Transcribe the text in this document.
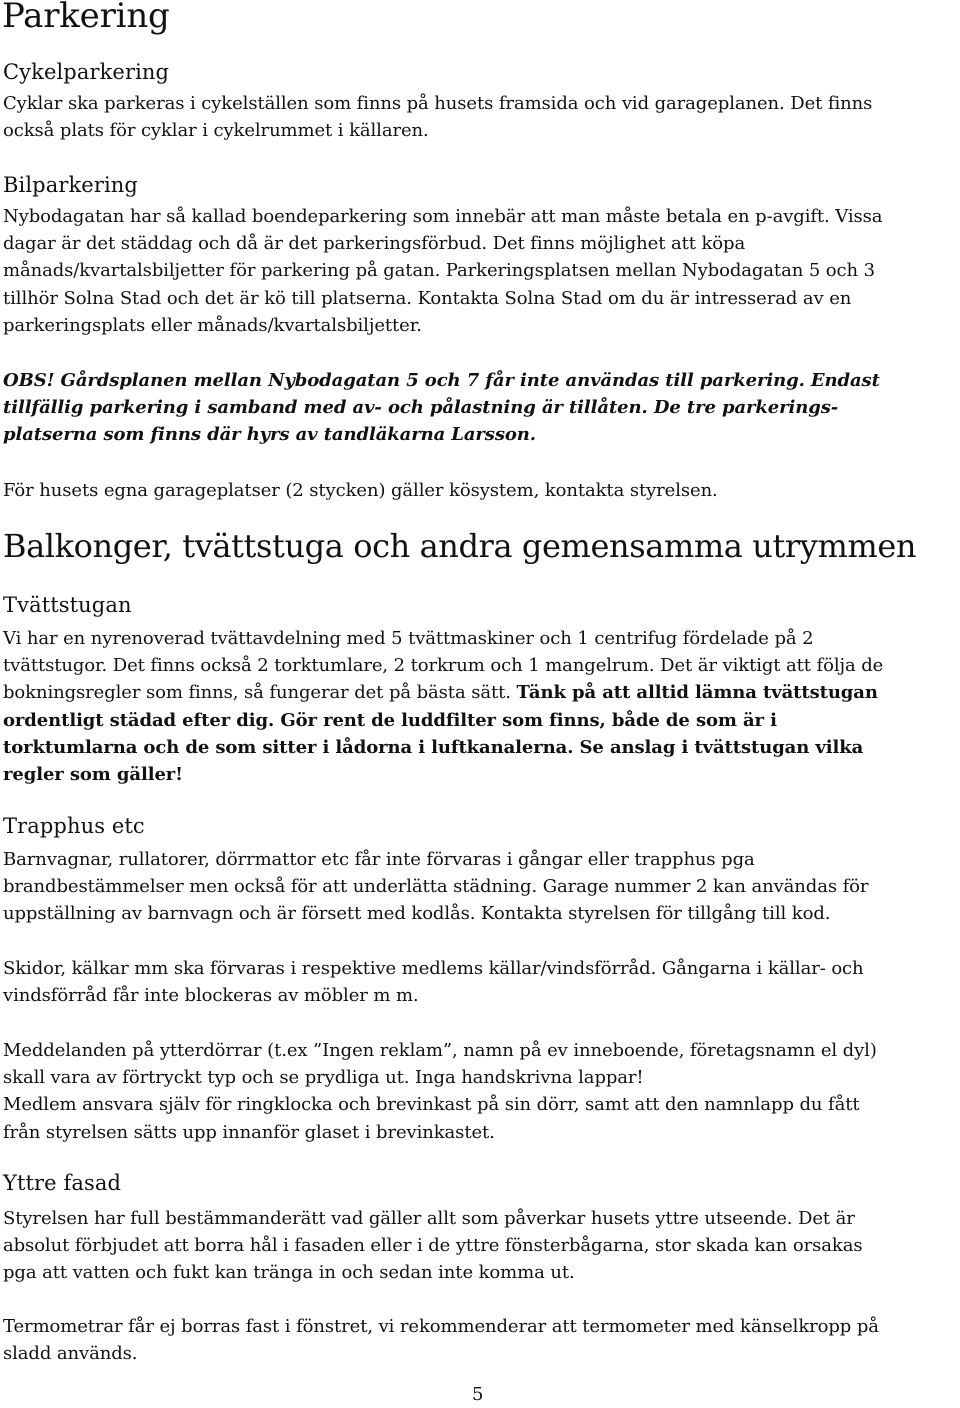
Parkering
Cykelparkering
Cyklar ska parkeras i cykelställen som finns på husets framsida och vid garageplanen. Det finns
också plats för cyklar i cykelrummet i källaren.
Bilparkering
Nybodagatan har så kallad boendeparkering som innebär att man måste betala en p-avgift. Vissa
dagar är det städdag och då är det parkeringsförbud. Det finns möjlighet att köpa
månads/kvartalsbiljetter för parkering på gatan. Parkeringsplatsen mellan Nybodagatan 5 och 3
tillhör Solna Stad och det är kö till platserna. Kontakta Solna Stad om du är intresserad av en
parkeringsplats eller månads/kvartalsbiljetter.
OBS! Gårdsplanen mellan Nybodagatan 5 och 7 får inte användas till parkering. Endast
tillfällig parkering i samband med av- och pålastning är tillåten. De tre parkerings-
platserna som finns där hyrs av tandläkarna Larsson.
För husets egna garageplatser (2 stycken) gäller kösystem, kontakta styrelsen.
Balkonger, tvättstuga och andra gemensamma utrymmen
Tvättstugan
Vi har en nyrenoverad tvättavdelning med 5 tvättmaskiner och 1 centrifug fördelade på 2
tvättstugor. Det finns också 2 torktumlare, 2 torkrum och 1 mangelrum. Det är viktigt att följa de
bokningsregler som finns, så fungerar det på bästa sätt. Tänk på att alltid lämna tvättstugan
ordentligt städad efter dig. Gör rent de luddfilter som finns, både de som är i
torktumlarna och de som sitter i lådorna i luftkanalerna. Se anslag i tvättstugan vilka
regler som gäller!
Trapphus etc
Barnvagnar, rullatorer, dörrmattor etc får inte förvaras i gångar eller trapphus pga
brandbestämmelser men också för att underlätta städning. Garage nummer 2 kan användas för
uppställning av barnvagn och är försett med kodlås. Kontakta styrelsen för tillgång till kod.
Skidor, kälkar mm ska förvaras i respektive medlems källar/vindsförråd. Gångarna i källar- och
vindsförråd får inte blockeras av möbler m m.
Meddelanden på ytterdörrar (t.ex ”Ingen reklam”, namn på ev inneboende, företagsnamn el dyl)
skall vara av förtryckt typ och se prydliga ut. Inga handskrivna lappar!
Medlem ansvara själv för ringklocka och brevinkast på sin dörr, samt att den namnlapp du fått
från styrelsen sätts upp innanför glaset i brevinkastet.
Yttre fasad
Styrelsen har full bestämmanderätt vad gäller allt som påverkar husets yttre utseende. Det är
absolut förbjudet att borra hål i fasaden eller i de yttre fönsterbågarna, stor skada kan orsakas
pga att vatten och fukt kan tränga in och sedan inte komma ut.
Termometrar får ej borras fast i fönstret, vi rekommenderar att termometer med känselkropp på
sladd används.
5
